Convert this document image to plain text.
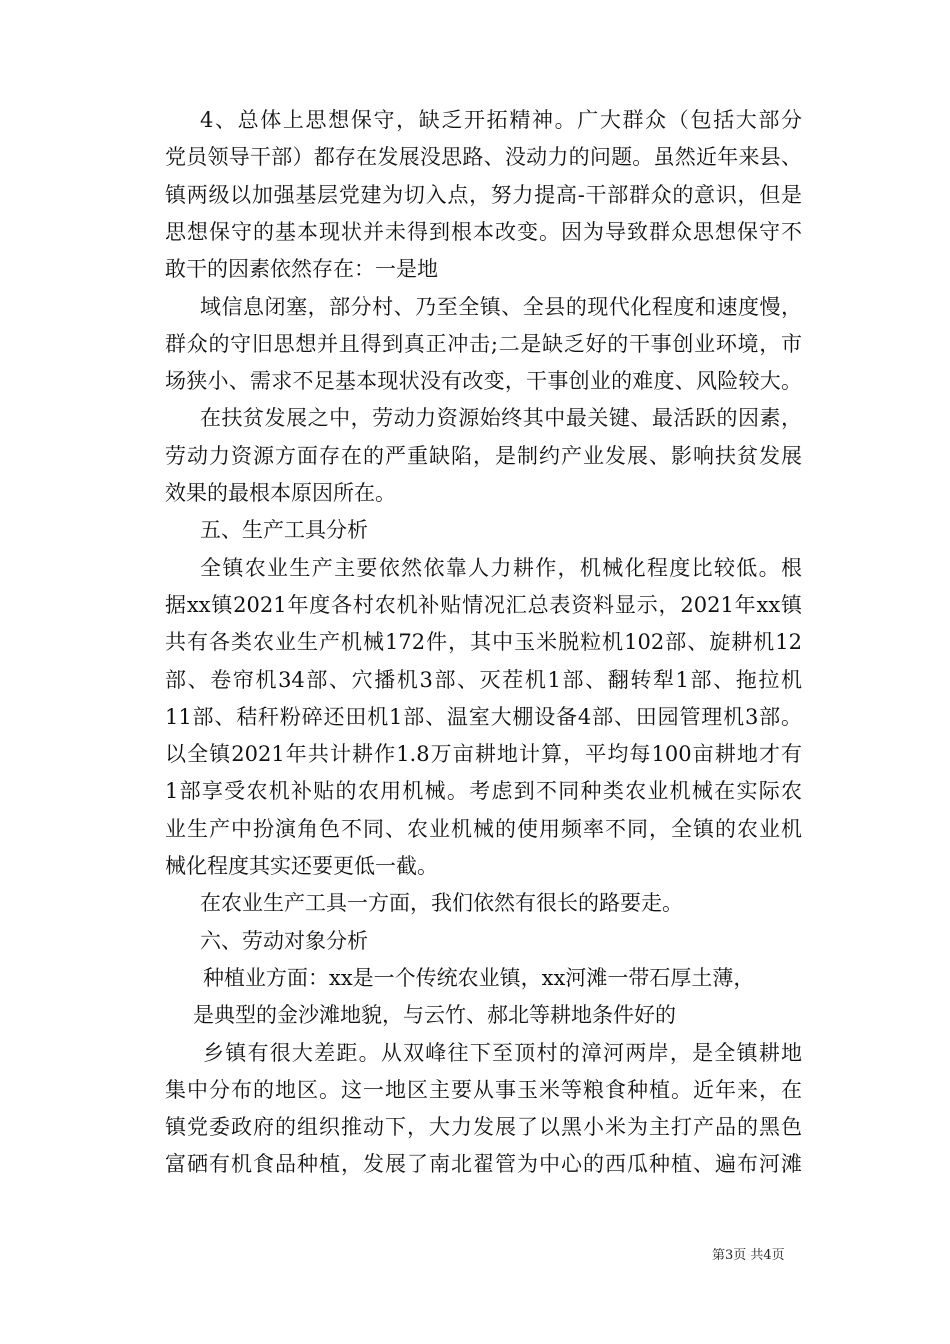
4、总体上思想保守，缺乏开拓精神。广大群众（包括大部分
党员领导干部）都存在发展没思路、没动力的问题。虽然近年来县、
镇两级以加强基层党建为切入点，努力提高-干部群众的意识，但是
思想保守的基本现状并未得到根本改变。因为导致群众思想保守不
敢干的因素依然存在：一是地
域信息闭塞，部分村、乃至全镇、全县的现代化程度和速度慢，
群众的守旧思想并且得到真正冲击;二是缺乏好的干事创业环境，市
场狭小、需求不足基本现状没有改变，干事创业的难度、风险较大。
在扶贫发展之中，劳动力资源始终其中最关键、最活跃的因素，
劳动力资源方面存在的严重缺陷，是制约产业发展、影响扶贫发展
效果的最根本原因所在。
五、生产工具分析
全镇农业生产主要依然依靠人力耕作，机械化程度比较低。根
据xx镇2021年度各村农机补贴情况汇总表资料显示，2021年xx镇
共有各类农业生产机械172件，其中玉米脱粒机102部、旋耕机12
部、卷帘机34部、穴播机3部、灭茬机1部、翻转犁1部、拖拉机
11部、秸秆粉碎还田机1部、温室大棚设备4部、田园管理机3部。
以全镇2021年共计耕作1.8万亩耕地计算，平均每100亩耕地才有
1部享受农机补贴的农用机械。考虑到不同种类农业机械在实际农
业生产中扮演角色不同、农业机械的使用频率不同，全镇的农业机
械化程度其实还要更低一截。
在农业生产工具一方面，我们依然有很长的路要走。
六、劳动对象分析
种植业方面：xx是一个传统农业镇，xx河滩一带石厚土薄，
是典型的金沙滩地貌，与云竹、郝北等耕地条件好的
乡镇有很大差距。从双峰往下至顶村的漳河两岸，是全镇耕地
集中分布的地区。这一地区主要从事玉米等粮食种植。近年来，在
镇党委政府的组织推动下，大力发展了以黑小米为主打产品的黑色
富硒有机食品种植，发展了南北翟管为中心的西瓜种植、遍布河滩
第3页 共4页
